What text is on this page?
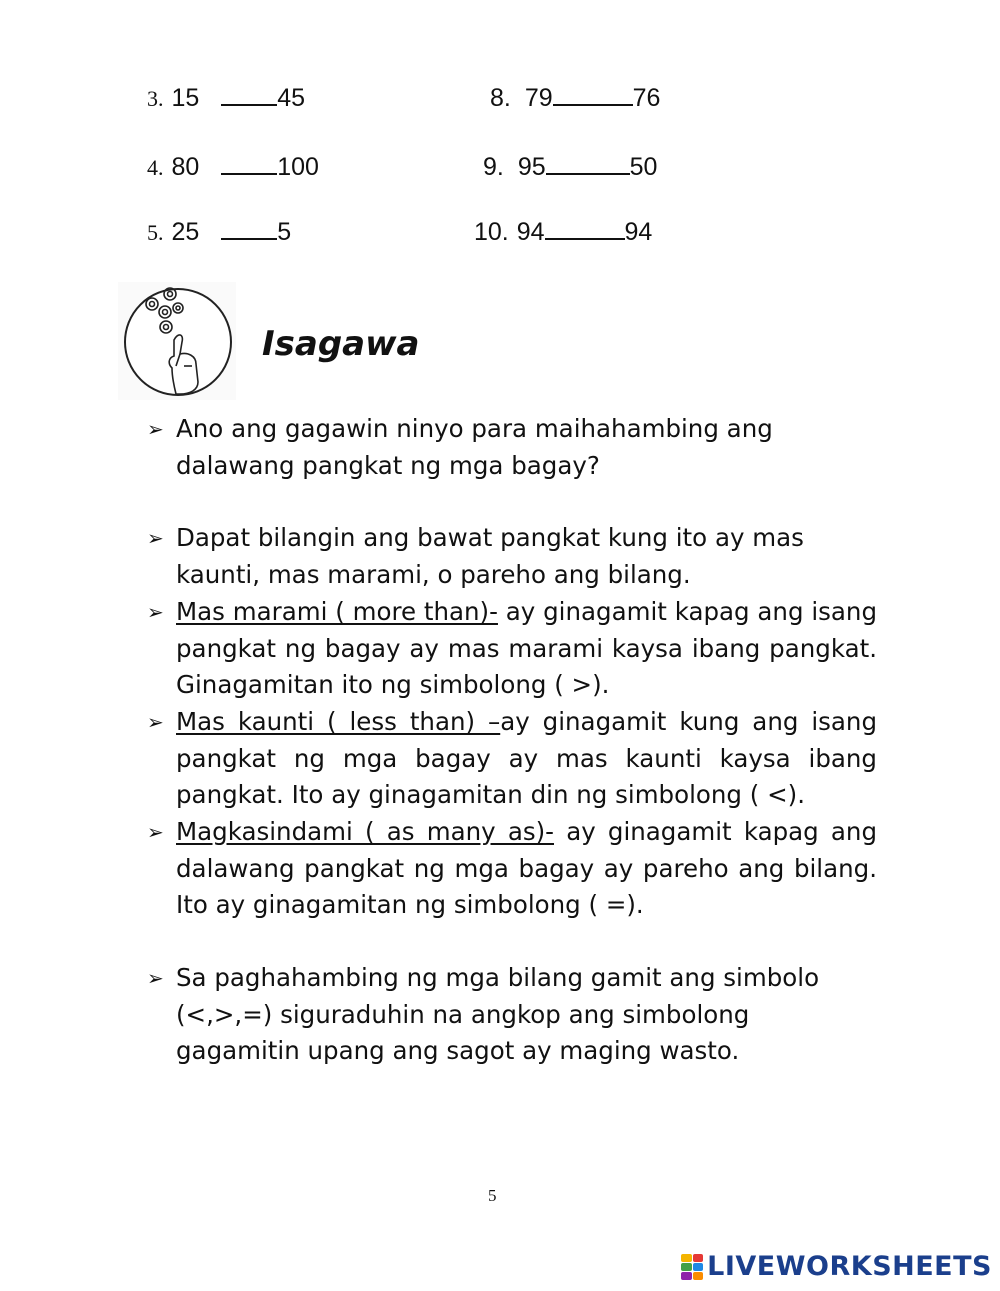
3. 15	45
4. 80	100
5. 25	5
8. 79	76
9. 95	50
10. 94	94
Isagawa
➢ Ano ang gagawin ninyo para maihahambing ang dalawang pangkat ng mga bagay?
➢ Dapat bilangin ang bawat pangkat kung ito ay mas kaunti, mas marami, o pareho ang bilang.
➢ Mas marami ( more than)- ay ginagamit kapag ang isang pangkat ng bagay ay mas marami kaysa ibang pangkat. Ginagamitan ito ng simbolong ( >).
➢ Mas kaunti ( less than) –ay ginagamit kung ang isang pangkat ng mga bagay ay mas kaunti kaysa ibang pangkat. Ito ay ginagamitan din ng simbolong ( <).
➢ Magkasindami ( as many as)- ay ginagamit kapag ang dalawang pangkat ng mga bagay ay pareho ang bilang. Ito ay ginagamitan ng simbolong ( =).
➢ Sa paghahambing ng mga bilang gamit ang simbolo (<,>,=) siguraduhin na angkop ang simbolong gagamitin upang ang sagot ay maging wasto.
5
LIVEWORKSHEETS
